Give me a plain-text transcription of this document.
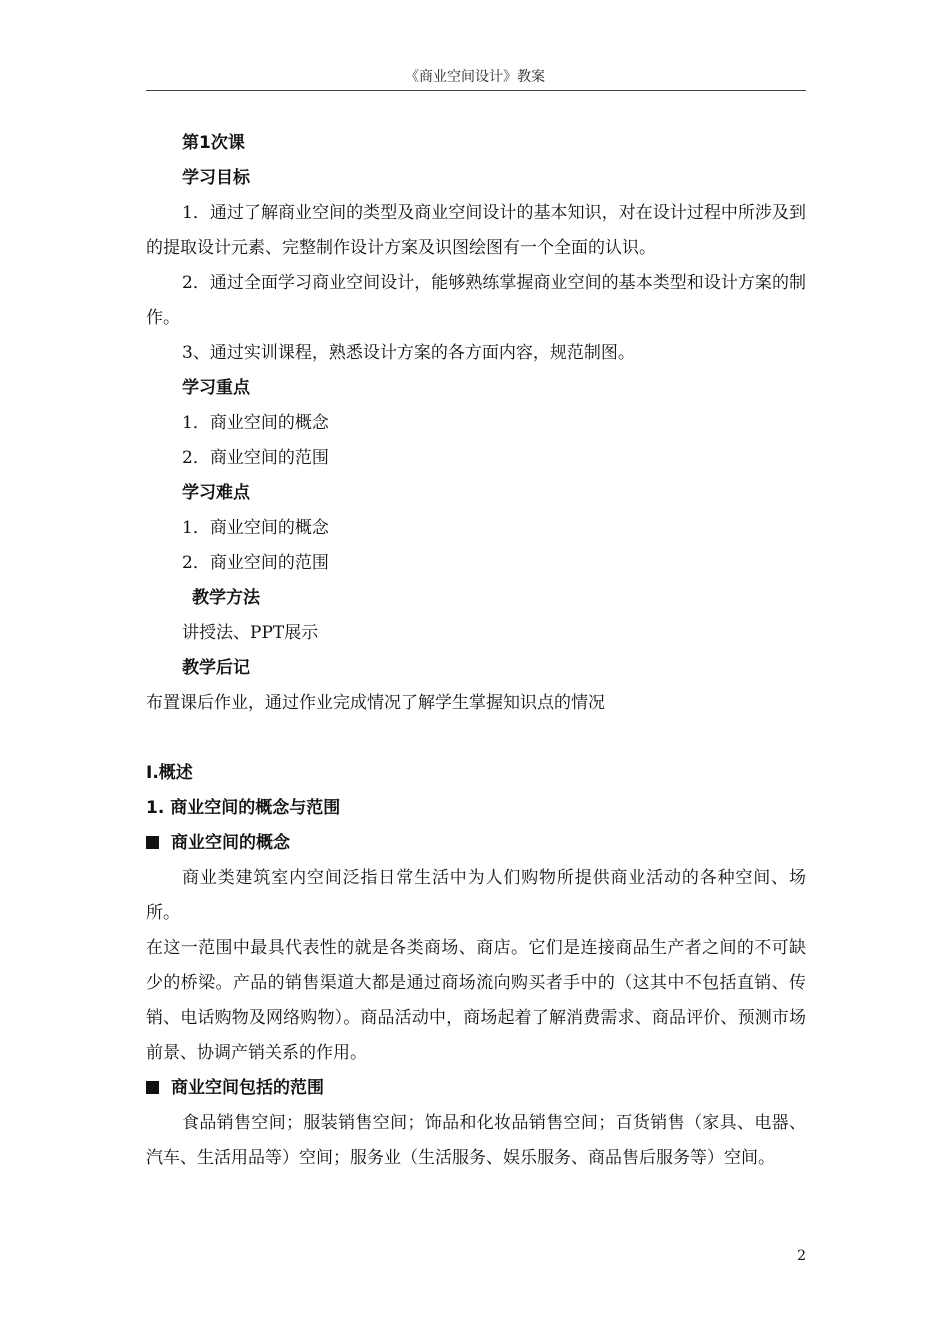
《商业空间设计》教案
第1次课
学习目标
1．通过了解商业空间的类型及商业空间设计的基本知识，对在设计过程中所涉及到的提取设计元素、完整制作设计方案及识图绘图有一个全面的认识。
2．通过全面学习商业空间设计，能够熟练掌握商业空间的基本类型和设计方案的制作。
3、通过实训课程，熟悉设计方案的各方面内容，规范制图。
学习重点
1．商业空间的概念
2．商业空间的范围
学习难点
1．商业空间的概念
2．商业空间的范围
教学方法
讲授法、PPT展示
教学后记
布置课后作业，通过作业完成情况了解学生掌握知识点的情况
Ⅰ.概述
1. 商业空间的概念与范围
商业空间的概念
商业类建筑室内空间泛指日常生活中为人们购物所提供商业活动的各种空间、场所。
在这一范围中最具代表性的就是各类商场、商店。它们是连接商品生产者之间的不可缺少的桥梁。产品的销售渠道大都是通过商场流向购买者手中的（这其中不包括直销、传销、电话购物及网络购物）。商品活动中，商场起着了解消费需求、商品评价、预测市场前景、协调产销关系的作用。
商业空间包括的范围
食品销售空间；服装销售空间；饰品和化妆品销售空间；百货销售（家具、电器、汽车、生活用品等）空间；服务业（生活服务、娱乐服务、商品售后服务等）空间。
2
